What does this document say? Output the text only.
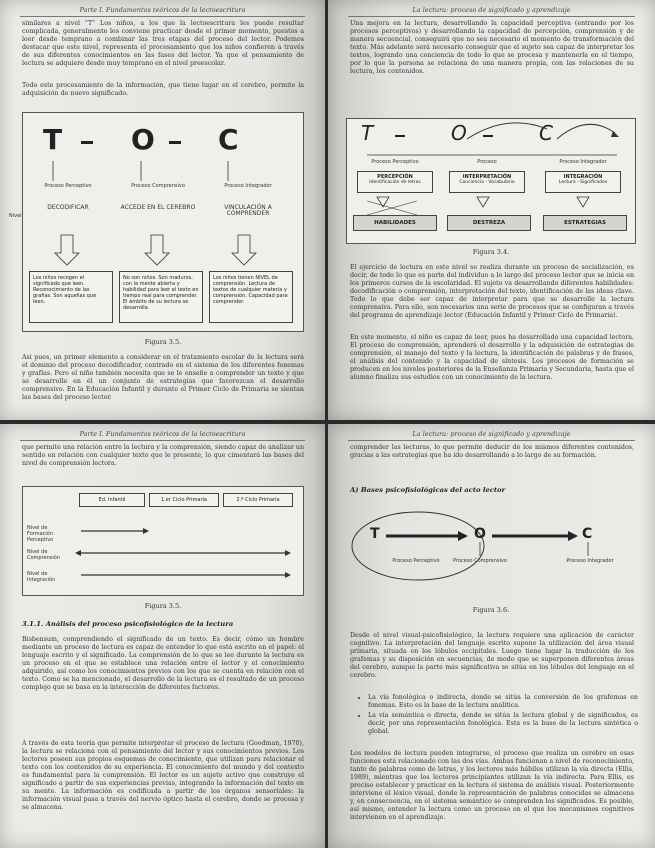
Parte I. Fundamentos teóricos de la lectoescritura

similares a nivel "T" Los niños, a los que la lectoescritura les puede resultar complicada, generalmente les conviene practicar desde el primer momento, puestos a leer desde temprano a combinar las tres etapas del proceso del lector. Podemos destacar que este nivel, representa el procesamiento que los niños confieren a través de sus diferentes conocimientos en las fases del lector. Ya que el pensamiento de lectura se adquiere desde muy temprano en el nivel preescolar.

Todo este procesamiento de la información, que tiene lugar en el cerebro, permite la adquisición de nuevo significado.

T O C
Proceso Perceptivo	Proceso Comprensivo	Proceso Integrador
DECODIFICAR	ACCEDE EN EL CEREBRO	VINCULACIÓN A COMPRENDER
Nivel
Los niños recogen el significado que leen. Reconocimiento de las grafías. Son aquellas que leen.
No son niños. Son maduros, con la mente abierta y habilidad para leer el texto en tiempo real para comprender. El ámbito de su lectura se desarrolla.
Los niños tienen NIVEL de comprensión. Lectura de textos de cualquier materia y comprensión. Capacidad para comprender.
Figura 3.5.

Así pues, un primer elemento a considerar en el tratamiento escolar de la lectura será el dominio del proceso decodificador, centrado en el sistema de los diferentes fonemas y grafías. Pero el niño también necesita que se le enseñe a comprender un texto y que se desarrolle en él un conjunto de estrategias que favorezcan el desarrollo comprensivo. En la Educación Infantil y durante el Primer Ciclo de Primaria se sientan las bases del proceso lector.

La lectura: proceso de significado y aprendizaje

Una mejora en la lectura, desarrollando la capacidad perceptiva (entrando por los procesos perceptivos) y desarrollando la capacidad de percepción, comprensión y de manera secuencial, conseguirá que no sea necesario el momento de transformación del texto. Más adelante será necesario conseguir que el sujeto sea capaz de interpretar los textos, logrando una conciencia de todo lo que se procesa y mantenerla en el tiempo, por lo que la persona se relaciona de una manera propia, con las relaciones de su lectura, los contenidos.

T	O	C
Proceso Perceptivo	Proceso	Proceso Integrador
PERCEPCIÓN
Identificación de letras
INTERPRETACIÓN
Conciencia - Vocabulario
INTEGRACIÓN
Lectura - Significados
HABILIDADES	DESTREZA	ESTRATEGIAS
Figura 3.4.

El ejercicio de lectura en este nivel se realiza durante un proceso de socialización, es decir, de todo lo que es parte del individuo a lo largo del proceso lector que se inicia en los primeros cursos de la escolaridad. El sujeto va desarrollando diferentes habilidades: decodificación o comprensión, interpretación del texto, identificación de las ideas clave. Todo lo que debe ser capaz de interpretar para que se desarrolle la lectura comprensiva. Para ello, son necesarios una serie de procesos que se configuran a través del programa de aprendizaje lector (Educación Infantil y Primer Ciclo de Primaria).

En este momento, el niño es capaz de leer, pues ha desarrollado una capacidad lectora. El proceso de comprensión, aprenderá el desarrollo y la adquisición de estrategias de comprensión, el manejo del texto y la lectura, la identificación de palabras y de frases, el análisis del contenido y la capacidad de síntesis. Los procesos de formación se producen en los niveles posteriores de la Enseñanza Primaria y Secundaria, hasta que el alumno finaliza sus estudios con un conocimiento de la lectura.

Parte I. Fundamentos teóricos de la lectoescritura

que permite una relación entre la lectura y la comprensión, siendo capaz de analizar un sentido en relación con cualquier texto que le presente, lo que cimentará las bases del nivel de comprensión lectora.

Ed. Infantil	1.er Ciclo Primaria	2.º Ciclo Primaria
Nivel de Formación Perceptivo
Nivel de Comprensión
Nivel de Integración
Figura 3.5.
3.1.1. Análisis del proceso psicofisiológico de la lectura

Bisbensum, comprendiendo el significado de un texto. Es decir, cómo un hombre mediante un proceso de lectura es capaz de entender lo que está escrito en el papel: el lenguaje escrito y el significado. La comprensión de lo que se lee durante la lectura es un proceso en el que se establece una relación entre el lector y el conocimiento adquirido, así como los conocimientos previos con los que se cuenta en relación con el texto. Como se ha mencionado, el desarrollo de la lectura es el resultado de un proceso complejo que se basa en la interacción de diferentes factores.

A través de esta teoría que permite interpretar el proceso de lectura (Goodman, 1970), la lectura se relaciona con el pensamiento del lector y sus conocimientos previos. Los lectores poseen sus propios esquemas de conocimiento, que utilizan para relacionar el texto con los contenidos de su experiencia. El conocimiento del mundo y del contexto es fundamental para la comprensión. El lector es un sujeto activo que construye el significado a partir de sus experiencias previas, integrando la información del texto en su mente. La información es codificada a partir de los órganos sensoriales: la información visual pasa a través del nervio óptico hasta el cerebro, donde se procesa y se almacena.

La lectura: proceso de significado y aprendizaje

comprender las lecturas, lo que permite deducir de los mismos diferentes contenidos, gracias a las estrategias que ha ido desarrollando a lo largo de su formación.

A) Bases psicofisiológicas del acto lector
T	O	C
Proceso Perceptivo	Proceso Comprensivo	Proceso Integrador
Figura 3.6.

Desde el nivel visual-psicofisiológico, la lectura requiere una aplicación de carácter cognitivo. La interpretación del lenguaje escrito supone la utilización del área visual primaria, situada en los lóbulos occipitales. Luego tiene lugar la traducción de los grafemas y su disposición en secuencias, de modo que se superponen diferentes áreas del cerebro, aunque la parte más significativa se sitúa en los lóbulos del lenguaje en el cerebro.

• La vía fonológica o indirecta, donde se sitúa la conversión de los grafemas en fonemas. Esto es la base de la lectura analítica.
• La vía semántica o directa, donde se sitúa la lectura global y de significados, es decir, por una representación fonológica. Esta es la base de la lectura sintética o global.

Los modelos de lectura pueden integrarse, el proceso que realiza un cerebro en esas funciones está relacionado con las dos vías. Ambas funcionan a nivel de reconocimiento, tanto de palabras como de letras, y los lectores más hábiles utilizan la vía directa (Ellis, 1989), mientras que los lectores principiantes utilizan la vía indirecta. Para Ellis, es preciso establecer y practicar en la lectura el sistema de análisis visual. Posteriormente interviene el léxico visual, donde la representación de palabras conocidas se almacena y, en consecuencia, en el sistema semántico se comprenden los significados. Es posible, así mismo, entender la lectura como un proceso en el que los mecanismos cognitivos intervienen en el aprendizaje.
